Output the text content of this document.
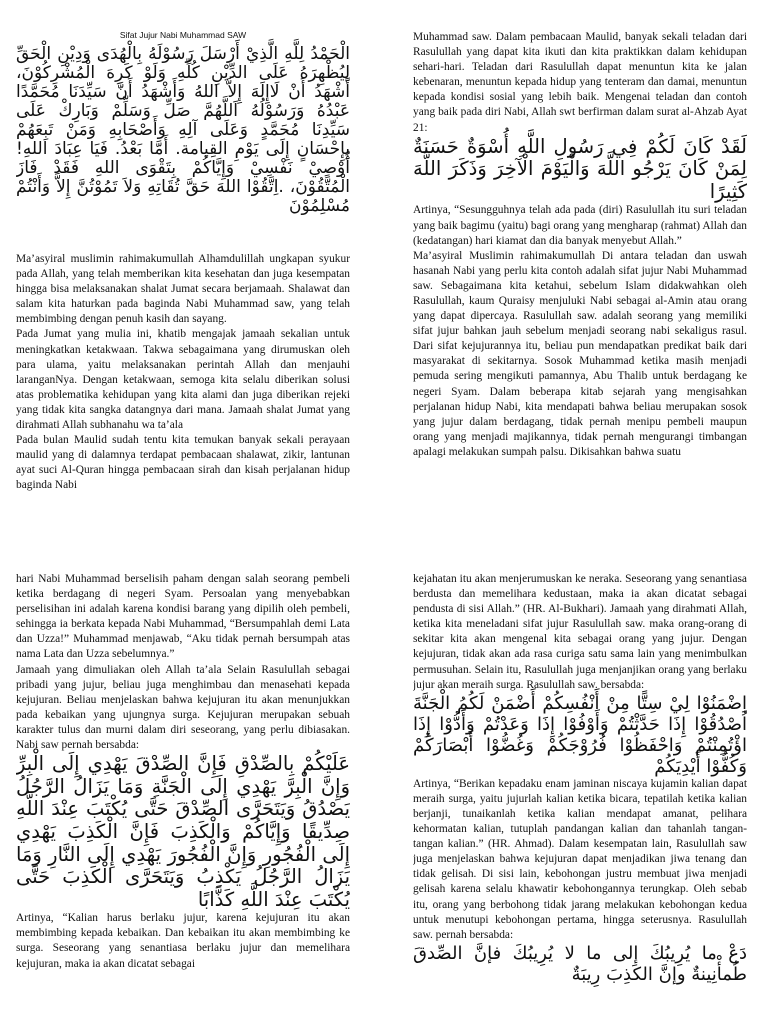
Sifat Jujur Nabi Muhammad SAW

الْحَمْدُ لِلَّهِ الَّذِيْ أَرْسَلَ رَسُوْلَهُ بِالْهُدَى وَدِيْنِ الْحَقِّ لِيُظْهِرَهُ عَلَى الدِّيْنِ كُلِّهِ وَلَوْ كَرِهَ الْمُشْرِكُوْنَ، أَشْهَدُ أَنْ لَاإِلَهَ إِلاَّ اللهُ وَأَشْهَدُ أَنَّ سَيِّدَنَا مُحَمَّدًا عَبْدُهُ وَرَسُوْلُهُ اَللَّهُمَّ صَلِّ وَسَلِّمْ وَبَارِكْ عَلَى سَيِّدِنَا مُحَمَّدٍ وَعَلَى آلِهِ وَأَصْحَابِهِ وَمَنْ تَبِعَهُمْ بِإِحْسَانٍ إِلَى يَوْمِ القِيامة. أَمَّا بَعْدُ. فَيَا عِبَادَ اللهِ! أُوْصِيْ نَفْسِيْ وَإِيَّاكُمْ بِتَقْوَى اللهِ فَقَدْ فَازَ الْمُتَّقُوْنَ، .اِتَّقُوْا اللهَ حَقَّ تُقَاتِهِ وَلاَ تَمُوْتُنَّ إِلاَّ وَأَنْتُمْ مُسْلِمُوْنَ

Ma’asyiral muslimin rahimakumullah Alhamdulillah ungkapan syukur pada Allah, yang telah memberikan kita kesehatan dan juga kesempatan hingga bisa melaksanakan shalat Jumat secara berjamaah. Shalawat dan salam kita haturkan pada baginda Nabi Muhammad saw, yang telah membimbing dengan penuh kasih dan sayang.

Pada Jumat yang mulia ini, khatib mengajak jamaah sekalian untuk meningkatkan ketakwaan. Takwa sebagaimana yang dirumuskan oleh para ulama, yaitu melaksanakan perintah Allah dan menjauhi laranganNya. Dengan ketakwaan, semoga kita selalu diberikan solusi atas problematika kehidupan yang kita alami dan juga diberikan rejeki yang tidak kita sangka datangnya dari mana. Jamaah shalat Jumat yang dirahmati Allah subhanahu wa ta’ala

Pada bulan Maulid sudah tentu kita temukan banyak sekali perayaan maulid yang di dalamnya terdapat pembacaan shalawat, zikir, lantunan ayat suci Al-Quran hingga pembacaan sirah dan kisah perjalanan hidup baginda Nabi

Muhammad saw. Dalam pembacaan Maulid, banyak sekali teladan dari Rasulullah yang dapat kita ikuti dan kita praktikkan dalam kehidupan sehari-hari. Teladan dari Rasulullah dapat menuntun kita ke jalan kebenaran, menuntun kepada hidup yang tenteram dan damai, menuntun kepada kondisi sosial yang lebih baik. Mengenai teladan dan contoh yang baik pada diri Nabi, Allah swt berfirman dalam surat al-Ahzab Ayat 21:

لَقَدْ كَانَ لَكُمْ فِي رَسُولِ اللَّهِ أُسْوَةٌ حَسَنَةٌ لِمَنْ كَانَ يَرْجُو اللَّهَ وَالْيَوْمَ الْآخِرَ وَذَكَرَ اللَّهَ كَثِيرًا

Artinya, “Sesungguhnya telah ada pada (diri) Rasulullah itu suri teladan yang baik bagimu (yaitu) bagi orang yang mengharap (rahmat) Allah dan (kedatangan) hari kiamat dan dia banyak menyebut Allah.”

Ma’asyiral Muslimin rahimakumullah Di antara teladan dan uswah hasanah Nabi yang perlu kita contoh adalah sifat jujur Nabi Muhammad saw. Sebagaimana kita ketahui, sebelum Islam didakwahkan oleh Rasulullah, kaum Quraisy menjuluki Nabi sebagai al-Amin atau orang yang dapat dipercaya. Rasulullah saw. adalah seorang yang memiliki sifat jujur bahkan jauh sebelum menjadi seorang nabi sekaligus rasul. Dari sifat kejujurannya itu, beliau pun mendapatkan predikat baik dari masyarakat di sekitarnya. Sosok Muhammad ketika masih menjadi pemuda sering mengikuti pamannya, Abu Thalib untuk berdagang ke negeri Syam. Dalam beberapa kitab sejarah yang mengisahkan perjalanan hidup Nabi, kita mendapati bahwa beliau merupakan sosok yang jujur dalam berdagang, tidak pernah menipu pembeli maupun orang yang menjadi majikannya, tidak pernah mengurangi timbangan apalagi melakukan sumpah palsu. Dikisahkan bahwa suatu

hari Nabi Muhammad berselisih paham dengan salah seorang pembeli ketika berdagang di negeri Syam. Persoalan yang menyebabkan perselisihan ini adalah karena kondisi barang yang dipilih oleh pembeli, sehingga ia berkata kepada Nabi Muhammad, “Bersumpahlah demi Lata dan Uzza!” Muhammad menjawab, “Aku tidak pernah bersumpah atas nama Lata dan Uzza sebelumnya.”

Jamaah yang dimuliakan oleh Allah ta’ala Selain Rasulullah sebagai pribadi yang jujur, beliau juga menghimbau dan menasehati kepada kejujuran. Beliau menjelaskan bahwa kejujuran itu akan menunjukkan pada kebaikan yang ujungnya surga. Kejujuran merupakan sebuah karakter tulus dan murni dalam diri seseorang, yang perlu dibiasakan. Nabi saw pernah bersabda:

عَلَيْكُمْ بِالصِّدْقِ فَإِنَّ الصِّدْقَ يَهْدِي إِلَى الْبِرِّ وَإِنَّ الْبِرَّ يَهْدِي إِلَى الْجَنَّةِ وَمَا يَزَالُ الرَّجُلُ يَصْدُقُ وَيَتَحَرَّى الصِّدْقَ حَتَّى يُكْتَبَ عِنْدَ اللَّهِ صِدِّيقًا وَإِيَّاكُمْ وَالْكَذِبَ فَإِنَّ الْكَذِبَ يَهْدِي إِلَى الْفُجُورِ وَإِنَّ الْفُجُورَ يَهْدِي إِلَى النَّارِ وَمَا يَزَالُ الرَّجُلُ يَكْذِبُ وَيَتَحَرَّى الْكَذِبَ حَتَّى يُكْتَبَ عِنْدَ اللَّهِ كَذَّابًا

Artinya, “Kalian harus berlaku jujur, karena kejujuran itu akan membimbing kepada kebaikan. Dan kebaikan itu akan membimbing ke surga. Seseorang yang senantiasa berlaku jujur dan memelihara kejujuran, maka ia akan dicatat sebagai

kejahatan itu akan menjerumuskan ke neraka. Seseorang yang senantiasa berdusta dan memelihara kedustaan, maka ia akan dicatat sebagai pendusta di sisi Allah.” (HR. Al-Bukhari). Jamaah yang dirahmati Allah, ketika kita meneladani sifat jujur Rasulullah saw. maka orang-orang di sekitar kita akan mengenal kita sebagai orang yang jujur. Dengan kejujuran, tidak akan ada rasa curiga satu sama lain yang menimbulkan permusuhan. Selain itu, Rasulullah juga menjanjikan orang yang berlaku jujur akan meraih surga. Rasulullah saw. bersabda:

اِضْمَنُوْا لِيْ سِتًّا مِنْ أَنْفُسِكُمْ أَضْمَنْ لَكُمُ الْجَنَّةَ اُصْدُقُوْا إِذَا حَدَّثْتُمْ وَأَوْفُوْا إِذَا وَعَدْتُمْ وَأَدُّوْا إِذَا اؤْتُمِنْتُمْ وَاحْفَظُوْا فُرُوْجَكُمْ وَغُضُّوْا أَبْصَارَكُمْ وَكُفُّوْا أَيْدِيَكُمْ

Artinya, “Berikan kepadaku enam jaminan niscaya kujamin kalian dapat meraih surga, yaitu jujurlah kalian ketika bicara, tepatilah ketika kalian berjanji, tunaikanlah ketika kalian mendapat amanat, pelihara kehormatan kalian, tutuplah pandangan kalian dan tahanlah tangan-tangan kalian.” (HR. Ahmad). Dalam kesempatan lain, Rasulullah saw juga menjelaskan bahwa kejujuran dapat menjadikan jiwa tenang dan tidak gelisah. Di sisi lain, kebohongan justru membuat jiwa menjadi gelisah karena selalu khawatir kebohongannya terungkap. Oleh sebab itu, orang yang berbohong tidak jarang melakukan kebohongan kedua untuk menutupi kebohongan pertama, hingga seterusnya. Rasulullah saw. pernah bersabda:

دَعْ ما يُرِيبُكَ إلى ما لا يُرِيبُكَ فإنَّ الصِّدقَ طُمأْنِينةٌ وإنَّ الكَذِبَ رِيبَةٌ
